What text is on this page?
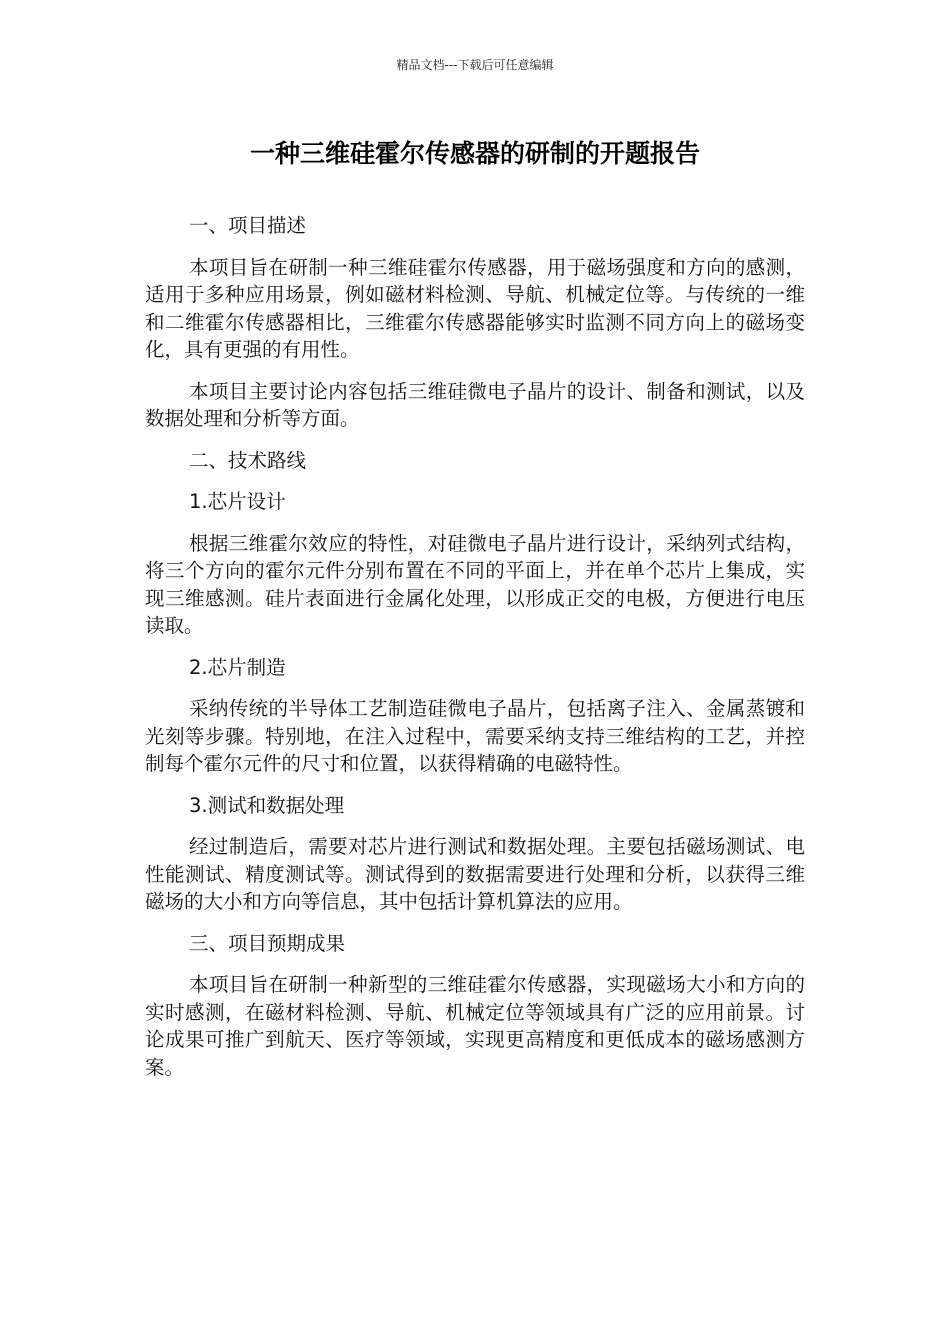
精品文档---下载后可任意编辑
一种三维硅霍尔传感器的研制的开题报告

一、项目描述

本项目旨在研制一种三维硅霍尔传感器，用于磁场强度和方向的感测，适用于多种应用场景，例如磁材料检测、导航、机械定位等。与传统的一维和二维霍尔传感器相比，三维霍尔传感器能够实时监测不同方向上的磁场变化，具有更强的有用性。

本项目主要讨论内容包括三维硅微电子晶片的设计、制备和测试，以及数据处理和分析等方面。

二、技术路线

1.芯片设计

根据三维霍尔效应的特性，对硅微电子晶片进行设计，采纳列式结构，将三个方向的霍尔元件分别布置在不同的平面上，并在单个芯片上集成，实现三维感测。硅片表面进行金属化处理，以形成正交的电极，方便进行电压读取。

2.芯片制造

采纳传统的半导体工艺制造硅微电子晶片，包括离子注入、金属蒸镀和光刻等步骤。特别地，在注入过程中，需要采纳支持三维结构的工艺，并控制每个霍尔元件的尺寸和位置，以获得精确的电磁特性。

3.测试和数据处理

经过制造后，需要对芯片进行测试和数据处理。主要包括磁场测试、电性能测试、精度测试等。测试得到的数据需要进行处理和分析，以获得三维磁场的大小和方向等信息，其中包括计算机算法的应用。

三、项目预期成果

本项目旨在研制一种新型的三维硅霍尔传感器，实现磁场大小和方向的实时感测，在磁材料检测、导航、机械定位等领域具有广泛的应用前景。讨论成果可推广到航天、医疗等领域，实现更高精度和更低成本的磁场感测方案。
